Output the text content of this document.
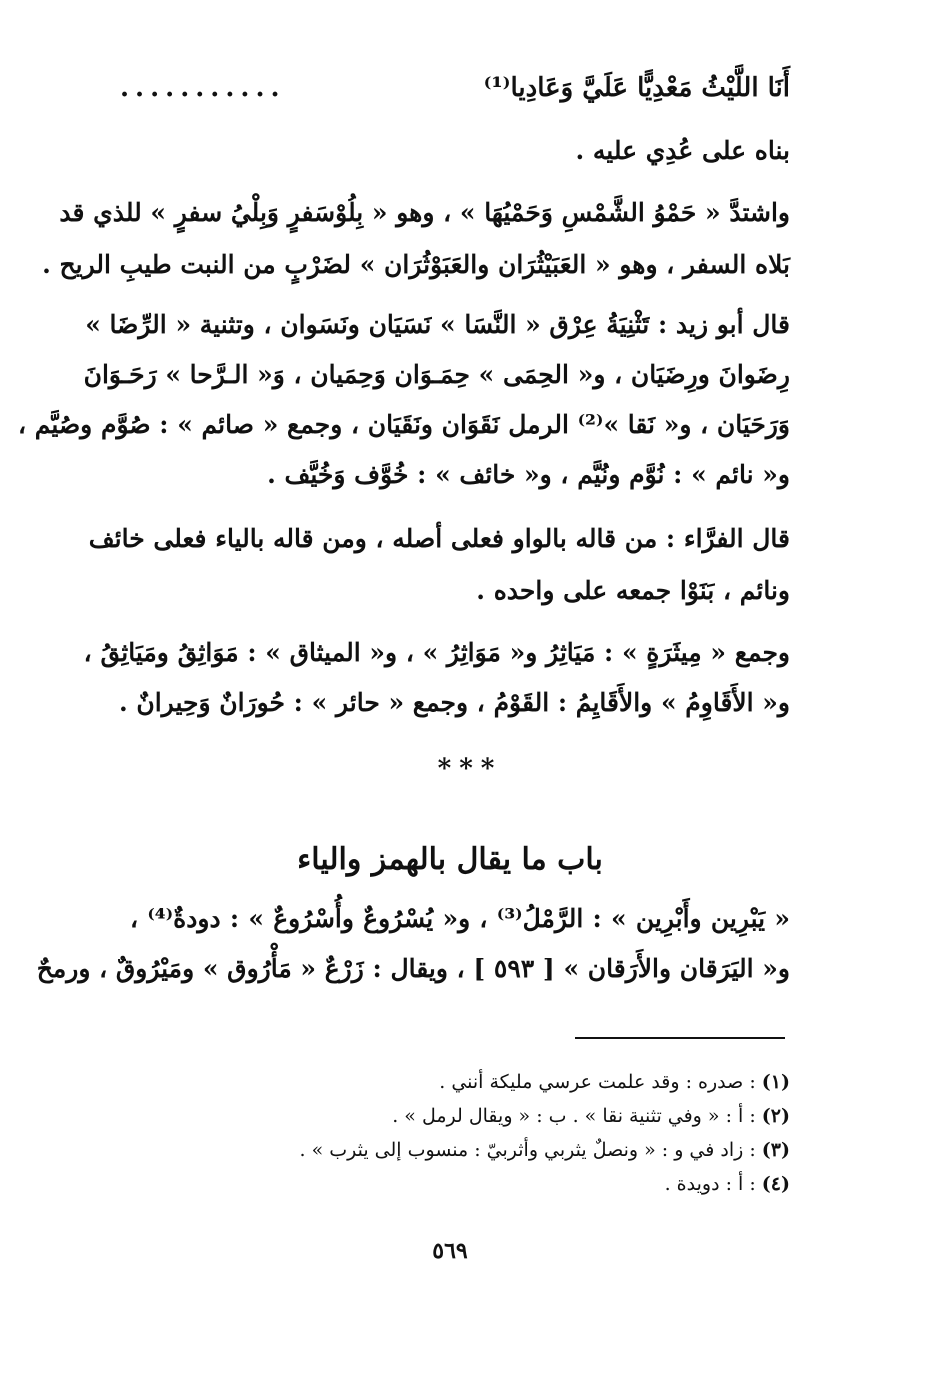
أَنَا اللَّيْثُ مَعْدِيًّا عَلَيَّ وَعَادِيا⁽¹⁾
...........
بناه على عُدِي عليه .
واشتدَّ « حَمْوُ الشَّمْسِ وَحَمْيُهَا » ، وهو « بِلُوْسَفرٍ وَبِلْيُ سفرٍ » للذي قد
بَلاه السفر ، وهو « العَبَيْثُرَان والعَبَوْثُرَان » لضَرْبٍ من النبت طيبِ الريح .
قال أبو زيد : تَثْنِيَةُ عِرْق « النَّسَا » نَسَيَان ونَسَوان ، وتثنية « الرِّضَا »
رِضَوانَ ورِضَيَان ، و« الحِمَى » حِمَـوَان وَحِمَيان ، وَ« الـرَّحا » رَحَـوَانَ
وَرَحَيَان ، و« نَقا »⁽²⁾ الرمل نَقَوَان ونَقَيَان ، وجمع « صائم » : صُوَّم وصُيَّم ،
و« نائم » : نُوَّم ونُيَّم ، و« خائف » : خُوَّف وَخُيَّف .
قال الفرَّاء : من قاله بالواو فعلى أصله ، ومن قاله بالياء فعلى خائف
ونائم ، بَنَوْا جمعه على واحده .
وجمع « مِيثَرَةٍ » : مَيَاثِرُ و« مَوَاثِرُ » ، و« الميثاق » : مَوَاثِقُ ومَيَاثِقُ ،
و« الأَقَاوِمُ » والأَقَايِمُ : القَوْمُ ، وجمع « حائر » : حُورَانٌ وَحِيرانٌ .
***
باب ما يقال بالهمز والياء
« يَبْرِين وأَبْرِين » : الرَّمْلُ⁽³⁾ ، و« يُسْرُوعٌ وأُسْرُوعٌ » : دودةٌ⁽⁴⁾ ،
و« اليَرَقان والأَرَقان » [ ٥٩٣ ] ، ويقال : زَرْعٌ « مَأْرُوق » ومَيْرُوقٌ ، ورمحٌ
(١) : صدره : وقد علمت عرسي مليكة أنني .
(٢) : أ : « وفي تثنية نقا » . ب : « ويقال لرمل » .
(٣) : زاد في و : « ونصلٌ يثربي وأثربيّ : منسوب إلى يثرب » .
(٤) : أ : دويدة .
٥٦٩
